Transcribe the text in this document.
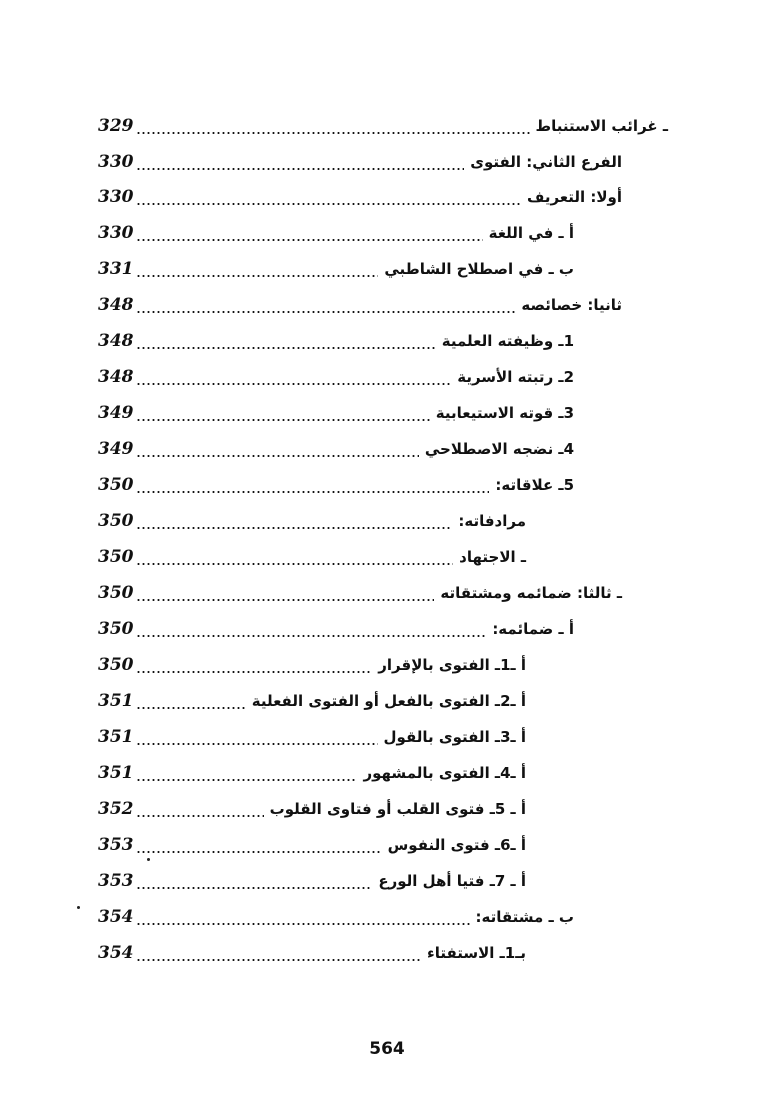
329	ـ غرائب الاستنباط
330	الفرع الثاني: الفتوى
330	أولا: التعريف
330	أ ـ في اللغة
331	ب ـ في اصطلاح الشاطبي
348	ثانيا: خصائصه
348	1ـ وظيفته العلمية
348	2ـ رتبته الأسرية
349	3ـ قوته الاستيعابية
349	4ـ نضجه الاصطلاحي
350	5ـ علاقاته:
350	مرادفاته:
350	ـ الاجتهاد
350	ـ ثالثا: ضمائمه ومشتقاته
350	أ ـ ضمائمه:
350	أ ـ1ـ الفتوى بالإقرار
351	أ ـ2ـ الفتوى بالفعل أو الفتوى الفعلية
351	أ ـ3ـ الفتوى بالقول
351	أ ـ4ـ الفتوى بالمشهور
352	أ ـ 5ـ فتوى القلب أو فتاوى القلوب
353	أ ـ6ـ فتوى النفوس
353	أ ـ 7ـ فتيا أهل الورع
354	ب ـ مشتقاته:
354	بـ1ـ الاستفتاء
564
